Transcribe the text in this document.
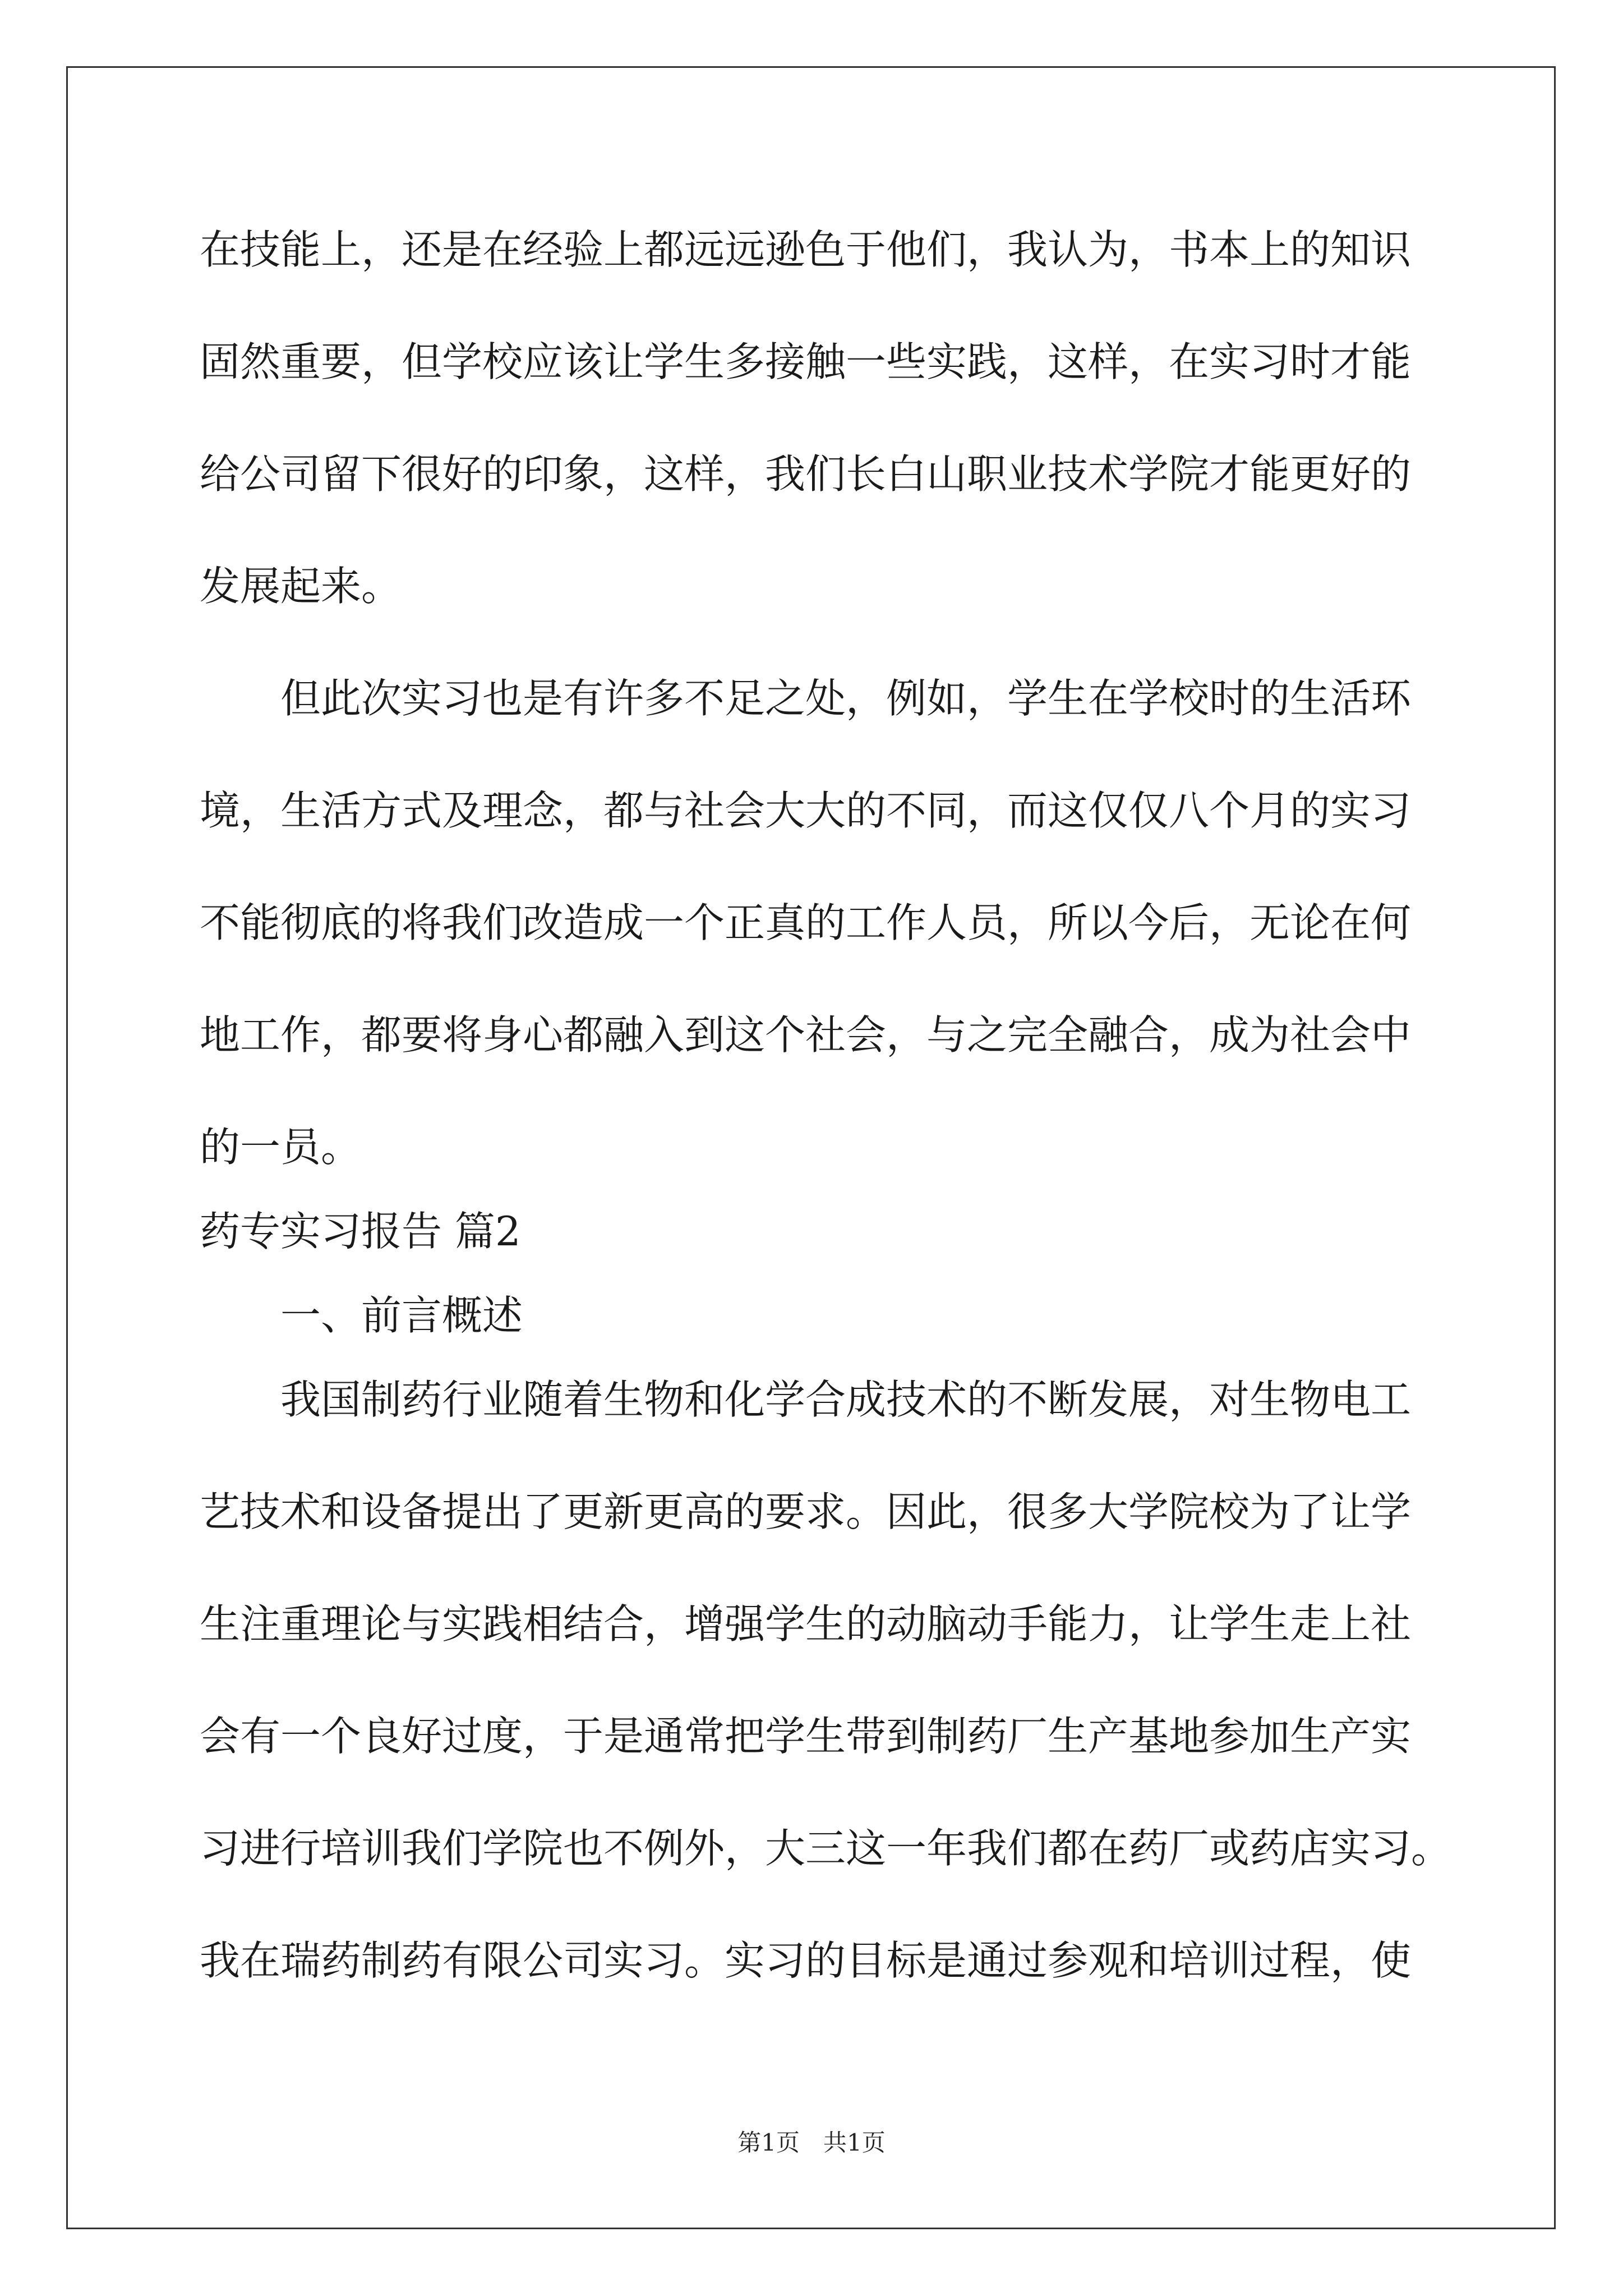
在技能上，还是在经验上都远远逊色于他们，我认为，书本上的知识
固然重要，但学校应该让学生多接触一些实践，这样，在实习时才能
给公司留下很好的印象，这样，我们长白山职业技术学院才能更好的
发展起来。
但此次实习也是有许多不足之处，例如，学生在学校时的生活环
境，生活方式及理念，都与社会大大的不同，而这仅仅八个月的实习
不能彻底的将我们改造成一个正真的工作人员，所以今后，无论在何
地工作，都要将身心都融入到这个社会，与之完全融合，成为社会中
的一员。
药专实习报告 篇2
一、前言概述
我国制药行业随着生物和化学合成技术的不断发展，对生物电工
艺技术和设备提出了更新更高的要求。因此，很多大学院校为了让学
生注重理论与实践相结合，增强学生的动脑动手能力，让学生走上社
会有一个良好过度，于是通常把学生带到制药厂生产基地参加生产实
习进行培训我们学院也不例外，大三这一年我们都在药厂或药店实习。
我在瑞药制药有限公司实习。实习的目标是通过参观和培训过程，使
第1页　共1页
